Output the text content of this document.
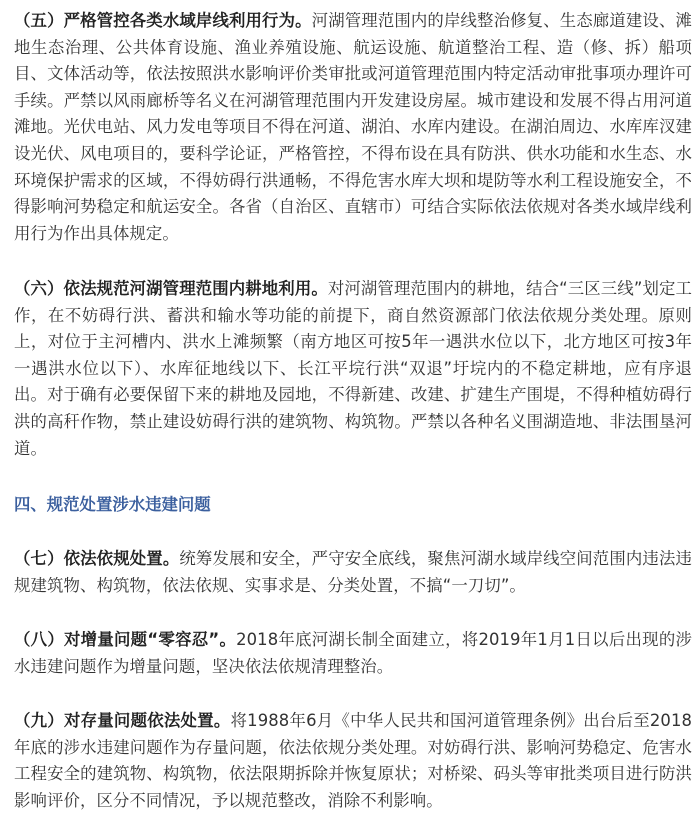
（五）严格管控各类水域岸线利用行为。河湖管理范围内的岸线整治修复、生态廊道建设、滩地生态治理、公共体育设施、渔业养殖设施、航运设施、航道整治工程、造（修、拆）船项目、文体活动等，依法按照洪水影响评价类审批或河道管理范围内特定活动审批事项办理许可手续。严禁以风雨廊桥等名义在河湖管理范围内开发建设房屋。城市建设和发展不得占用河道滩地。光伏电站、风力发电等项目不得在河道、湖泊、水库内建设。在湖泊周边、水库库汊建设光伏、风电项目的，要科学论证，严格管控，不得布设在具有防洪、供水功能和水生态、水环境保护需求的区域，不得妨碍行洪通畅，不得危害水库大坝和堤防等水利工程设施安全，不得影响河势稳定和航运安全。各省（自治区、直辖市）可结合实际依法依规对各类水域岸线利用行为作出具体规定。

（六）依法规范河湖管理范围内耕地利用。对河湖管理范围内的耕地，结合“三区三线”划定工作，在不妨碍行洪、蓄洪和输水等功能的前提下，商自然资源部门依法依规分类处理。原则上，对位于主河槽内、洪水上滩频繁（南方地区可按5年一遇洪水位以下，北方地区可按3年一遇洪水位以下）、水库征地线以下、长江平垸行洪“双退”圩垸内的不稳定耕地，应有序退出。对于确有必要保留下来的耕地及园地，不得新建、改建、扩建生产围堤，不得种植妨碍行洪的高秆作物，禁止建设妨碍行洪的建筑物、构筑物。严禁以各种名义围湖造地、非法围垦河道。

四、规范处置涉水违建问题

（七）依法依规处置。统筹发展和安全，严守安全底线，聚焦河湖水域岸线空间范围内违法违规建筑物、构筑物，依法依规、实事求是、分类处置，不搞“一刀切”。

（八）对增量问题“零容忍”。2018年底河湖长制全面建立，将2019年1月1日以后出现的涉水违建问题作为增量问题，坚决依法依规清理整治。

（九）对存量问题依法处置。将1988年6月《中华人民共和国河道管理条例》出台后至2018年底的涉水违建问题作为存量问题，依法依规分类处理。对妨碍行洪、影响河势稳定、危害水工程安全的建筑物、构筑物，依法限期拆除并恢复原状；对桥梁、码头等审批类项目进行防洪影响评价，区分不同情况，予以规范整改，消除不利影响。
